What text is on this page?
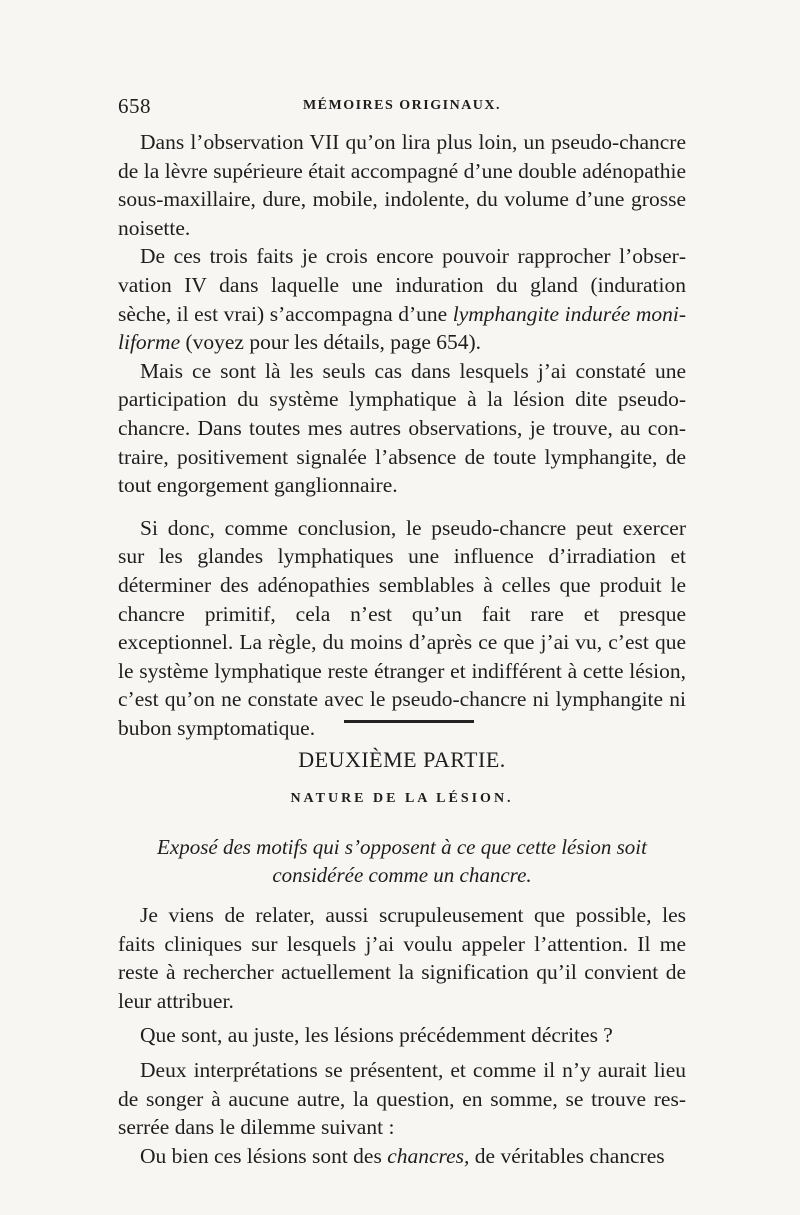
658	MÉMOIRES ORIGINAUX.

Dans l’observation VII qu’on lira plus loin, un pseudo-chancre de la lèvre supérieure était accompagné d’une double adénopathie sous-maxillaire, dure, mobile, indolente, du volume d’une grosse noisette.

De ces trois faits je crois encore pouvoir rapprocher l’observation IV dans laquelle une induration du gland (induration sèche, il est vrai) s’accompagna d’une lymphangite indurée moniliforme (voyez pour les détails, page 654).

Mais ce sont là les seuls cas dans lesquels j’ai constaté une participation du système lymphatique à la lésion dite pseudo-chancre. Dans toutes mes autres observations, je trouve, au contraire, positivement signalée l’absence de toute lymphangite, de tout engorgement ganglionnaire.

Si donc, comme conclusion, le pseudo-chancre peut exercer sur les glandes lymphatiques une influence d’irradiation et déterminer des adénopathies semblables à celles que produit le chancre primitif, cela n’est qu’un fait rare et presque exceptionnel. La règle, du moins d’après ce que j’ai vu, c’est que le système lymphatique reste étranger et indifférent à cette lésion, c’est qu’on ne constate avec le pseudo-chancre ni lymphangite ni bubon symptomatique.

DEUXIÈME PARTIE.
NATURE DE LA LÉSION.
Exposé des motifs qui s’opposent à ce que cette lésion soit considérée comme un chancre.

Je viens de relater, aussi scrupuleusement que possible, les faits cliniques sur lesquels j’ai voulu appeler l’attention. Il me reste à rechercher actuellement la signification qu’il convient de leur attribuer.

Que sont, au juste, les lésions précédemment décrites ?

Deux interprétations se présentent, et comme il n’y aurait lieu de songer à aucune autre, la question, en somme, se trouve resserrée dans le dilemme suivant :

Ou bien ces lésions sont des chancres, de véritables chancres
